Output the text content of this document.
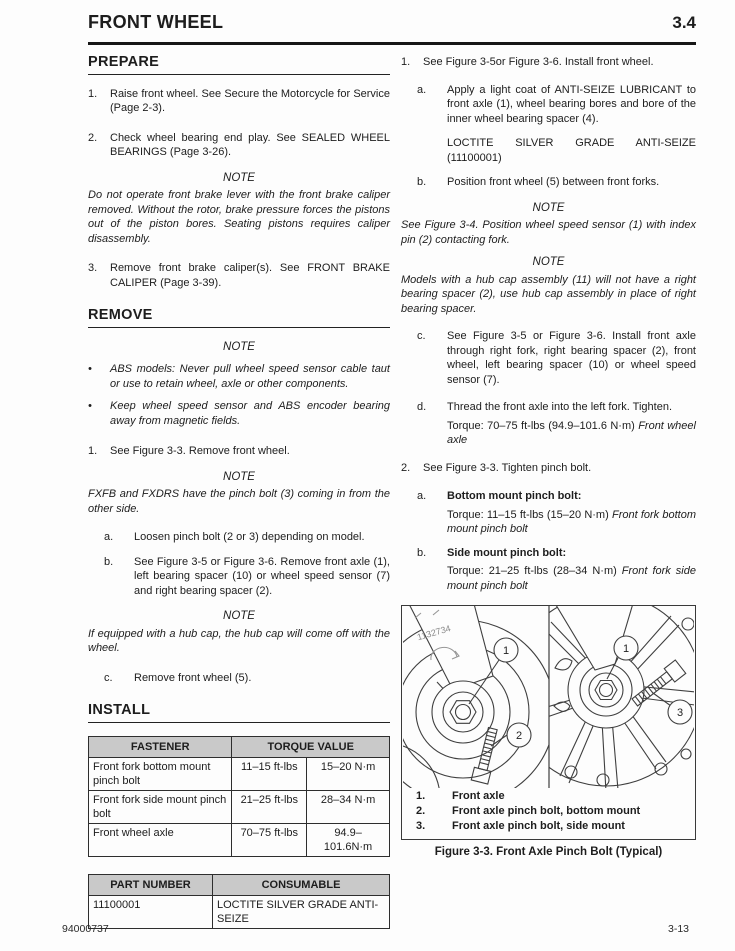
FRONT WHEEL	3.4
PREPARE
1.	Raise front wheel. See Secure the Motorcycle for Service (Page 2-3).
2.	Check wheel bearing end play. See SEALED WHEEL BEARINGS (Page 3-26).
NOTE
Do not operate front brake lever with the front brake caliper removed. Without the rotor, brake pressure forces the pistons out of the piston bores. Seating pistons requires caliper disassembly.
3.	Remove front brake caliper(s). See FRONT BRAKE CALIPER (Page 3-39).
REMOVE
NOTE
•	ABS models: Never pull wheel speed sensor cable taut or use to retain wheel, axle or other components.
•	Keep wheel speed sensor and ABS encoder bearing away from magnetic fields.
1.	See Figure 3-3. Remove front wheel.
NOTE
FXFB and FXDRS have the pinch bolt (3) coming in from the other side.
a.	Loosen pinch bolt (2 or 3) depending on model.
b.	See Figure 3-5 or Figure 3-6. Remove front axle (1), left bearing spacer (10) or wheel speed sensor (7) and right bearing spacer (2).
NOTE
If equipped with a hub cap, the hub cap will come off with the wheel.
c.	Remove front wheel (5).
INSTALL
FASTENER	TORQUE VALUE	
Front fork bottom mount pinch bolt	11–15 ft-lbs	15–20 N·m
Front fork side mount pinch bolt	21–25 ft-lbs	28–34 N·m
Front wheel axle	70–75 ft-lbs	94.9–101.6N·m
PART NUMBER	CONSUMABLE
11100001	LOCTITE SILVER GRADE ANTI-SEIZE
1.	See Figure 3-5or Figure 3-6. Install front wheel.
a.	Apply a light coat of ANTI-SEIZE LUBRICANT to front axle (1), wheel bearing bores and bore of the inner wheel bearing spacer (4).
LOCTITE SILVER GRADE ANTI-SEIZE (11100001)
b.	Position front wheel (5) between front forks.
NOTE
See Figure 3-4. Position wheel speed sensor (1) with index pin (2) contacting fork.
NOTE
Models with a hub cap assembly (11) will not have a right bearing spacer (2), use hub cap assembly in place of right bearing spacer.
c.	See Figure 3-5 or Figure 3-6. Install front axle through right fork, right bearing spacer (2), front wheel, left bearing spacer (10) or wheel speed sensor (7).
d.	Thread the front axle into the left fork. Tighten.
Torque: 70–75 ft-lbs (94.9–101.6 N·m) Front wheel axle
2.	See Figure 3-3. Tighten pinch bolt.
a.	Bottom mount pinch bolt:
Torque: 11–15 ft-lbs (15–20 N·m) Front fork bottom mount pinch bolt
b.	Side mount pinch bolt:
Torque: 21–25 ft-lbs (28–34 N·m) Front fork side mount pinch bolt
1
2
1
3
1132734
1.	Front axle
2.	Front axle pinch bolt, bottom mount
3.	Front axle pinch bolt, side mount
Figure 3-3. Front Axle Pinch Bolt (Typical)
94000737	3-13
